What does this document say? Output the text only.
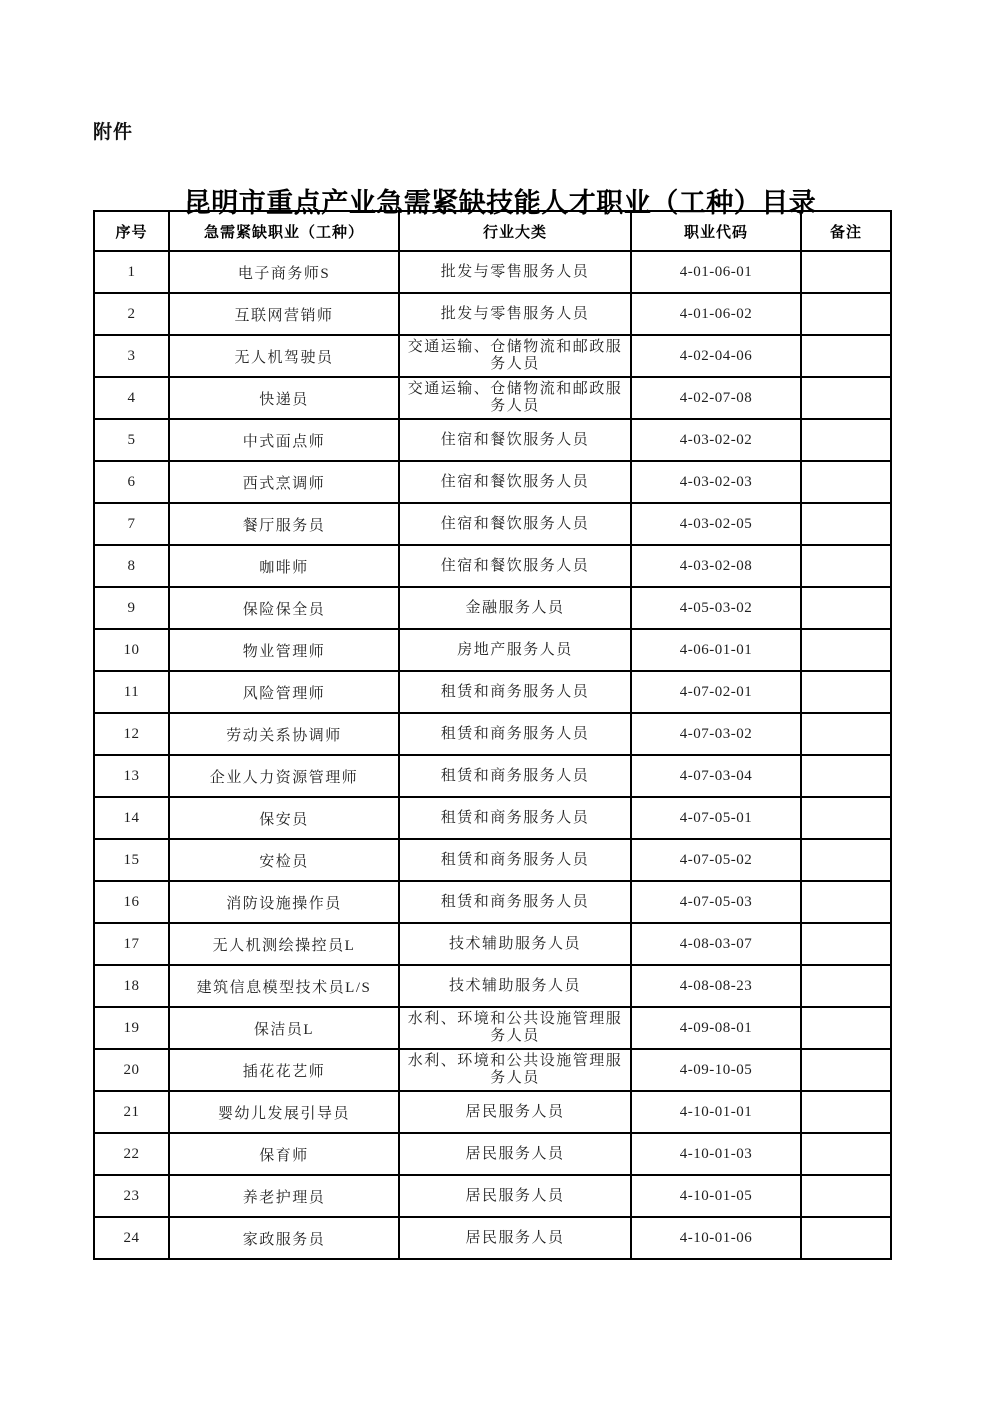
附件
昆明市重点产业急需紧缺技能人才职业（工种）目录
序号	急需紧缺职业（工种）	行业大类	职业代码	备注
1	电子商务师S	批发与零售服务人员	4-01-06-01	
2	互联网营销师	批发与零售服务人员	4-01-06-02	
3	无人机驾驶员	交通运输、仓储物流和邮政服务人员	4-02-04-06	
4	快递员	交通运输、仓储物流和邮政服务人员	4-02-07-08	
5	中式面点师	住宿和餐饮服务人员	4-03-02-02	
6	西式烹调师	住宿和餐饮服务人员	4-03-02-03	
7	餐厅服务员	住宿和餐饮服务人员	4-03-02-05	
8	咖啡师	住宿和餐饮服务人员	4-03-02-08	
9	保险保全员	金融服务人员	4-05-03-02	
10	物业管理师	房地产服务人员	4-06-01-01	
11	风险管理师	租赁和商务服务人员	4-07-02-01	
12	劳动关系协调师	租赁和商务服务人员	4-07-03-02	
13	企业人力资源管理师	租赁和商务服务人员	4-07-03-04	
14	保安员	租赁和商务服务人员	4-07-05-01	
15	安检员	租赁和商务服务人员	4-07-05-02	
16	消防设施操作员	租赁和商务服务人员	4-07-05-03	
17	无人机测绘操控员L	技术辅助服务人员	4-08-03-07	
18	建筑信息模型技术员L/S	技术辅助服务人员	4-08-08-23	
19	保洁员L	水利、环境和公共设施管理服务人员	4-09-08-01	
20	插花花艺师	水利、环境和公共设施管理服务人员	4-09-10-05	
21	婴幼儿发展引导员	居民服务人员	4-10-01-01	
22	保育师	居民服务人员	4-10-01-03	
23	养老护理员	居民服务人员	4-10-01-05	
24	家政服务员	居民服务人员	4-10-01-06	
